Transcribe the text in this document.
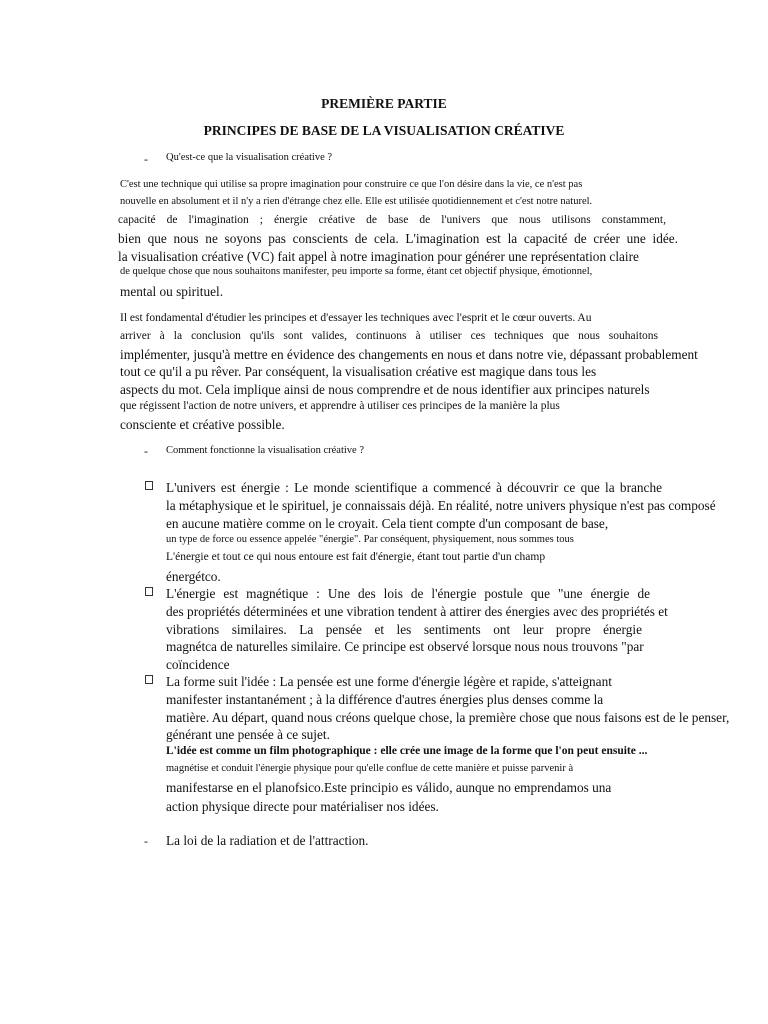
PREMIÈRE PARTIE
PRINCIPES DE BASE DE LA VISUALISATION CRÉATIVE
- Qu'est-ce que la visualisation créative ?
C'est une technique qui utilise sa propre imagination pour construire ce que l'on désire dans la vie, ce n'est pas
nouvelle en absolument et il n'y a rien d'étrange chez elle. Elle est utilisée quotidiennement et c'est notre naturel.
capacité de l'imagination ; énergie créative de base de l'univers que nous utilisons constamment,
bien que nous ne soyons pas conscients de cela. L'imagination est la capacité de créer une idée.
la visualisation créative (VC) fait appel à notre imagination pour générer une représentation claire
de quelque chose que nous souhaitons manifester, peu importe sa forme, étant cet objectif physique, émotionnel,
mental ou spirituel.
Il est fondamental d'étudier les principes et d'essayer les techniques avec l'esprit et le cœur ouverts. Au
arriver à la conclusion qu'ils sont valides, continuons à utiliser ces techniques que nous souhaitons
implémenter, jusqu'à mettre en évidence des changements en nous et dans notre vie, dépassant probablement
tout ce qu'il a pu rêver. Par conséquent, la visualisation créative est magique dans tous les
aspects du mot. Cela implique ainsi de nous comprendre et de nous identifier aux principes naturels
que régissent l'action de notre univers, et apprendre à utiliser ces principes de la manière la plus
consciente et créative possible.
- Comment fonctionne la visualisation créative ?
L'univers est énergie : Le monde scientifique a commencé à découvrir ce que la branche
la métaphysique et le spirituel, je connaissais déjà. En réalité, notre univers physique n'est pas composé
en aucune matière comme on le croyait. Cela tient compte d'un composant de base,
un type de force ou essence appelée "énergie". Par conséquent, physiquement, nous sommes tous
L'énergie et tout ce qui nous entoure est fait d'énergie, étant tout partie d'un champ
énergétco.
L'énergie est magnétique : Une des lois de l'énergie postule que "une énergie de
des propriétés déterminées et une vibration tendent à attirer des énergies avec des propriétés et
vibrations similaires. La pensée et les sentiments ont leur propre énergie
magnétca de naturelles similaire. Ce principe est observé lorsque nous nous trouvons "par
coïncidence
La forme suit l'idée : La pensée est une forme d'énergie légère et rapide, s'atteignant
manifester instantanément ; à la différence d'autres énergies plus denses comme la
matière. Au départ, quand nous créons quelque chose, la première chose que nous faisons est de le penser,
générant une pensée à ce sujet.
L'idée est comme un film photographique : elle crée une image de la forme que l'on peut ensuite ...
magnétise et conduit l'énergie physique pour qu'elle conflue de cette manière et puisse parvenir à
manifestarse en el planofsico.Este principio es válido, aunque no emprendamos una
action physique directe pour matérialiser nos idées.
- La loi de la radiation et de l'attraction.
